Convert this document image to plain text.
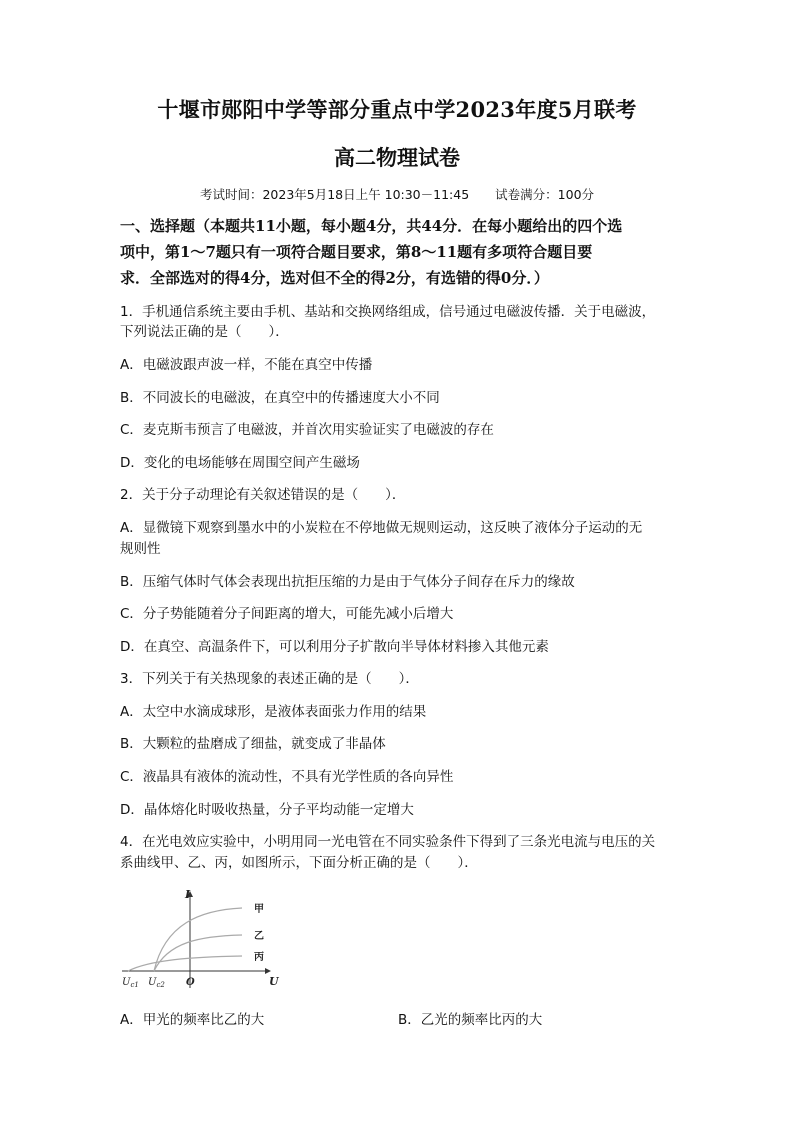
十堰市郧阳中学等部分重点中学2023年度5月联考
高二物理试卷
考试时间：2023年5月18日上午 10:30－11:45 试卷满分：100分
一、选择题（本题共11小题，每小题4分，共44分．在每小题给出的四个选
项中，第1～7题只有一项符合题目要求，第8～11题有多项符合题目要
求．全部选对的得4分，选对但不全的得2分，有选错的得0分．）
1．手机通信系统主要由手机、基站和交换网络组成，信号通过电磁波传播．关于电磁波，
下列说法正确的是（　　）．
A．电磁波跟声波一样，不能在真空中传播
B．不同波长的电磁波，在真空中的传播速度大小不同
C．麦克斯韦预言了电磁波，并首次用实验证实了电磁波的存在
D．变化的电场能够在周围空间产生磁场
2．关于分子动理论有关叙述错误的是（　　）．
A．显微镜下观察到墨水中的小炭粒在不停地做无规则运动，这反映了液体分子运动的无
规则性
B．压缩气体时气体会表现出抗拒压缩的力是由于气体分子间存在斥力的缘故
C．分子势能随着分子间距离的增大，可能先减小后增大
D．在真空、高温条件下，可以利用分子扩散向半导体材料掺入其他元素
3．下列关于有关热现象的表述正确的是（　　）．
A．太空中水滴成球形，是液体表面张力作用的结果
B．大颗粒的盐磨成了细盐，就变成了非晶体
C．液晶具有液体的流动性，不具有光学性质的各向异性
D．晶体熔化时吸收热量，分子平均动能一定增大
4．在光电效应实验中，小明用同一光电管在不同实验条件下得到了三条光电流与电压的关
系曲线甲、乙、丙，如图所示，下面分析正确的是（　　）．
I
U
O
$U_{c1}$ $U_{c2}$
甲
乙
丙
A．甲光的频率比乙的大	B．乙光的频率比丙的大
